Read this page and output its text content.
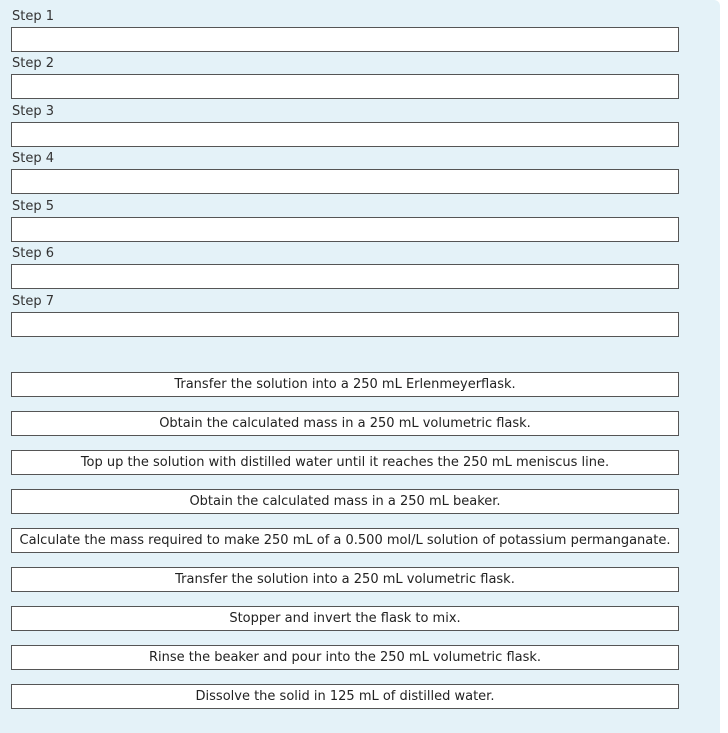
Step 1
Step 2
Step 3
Step 4
Step 5
Step 6
Step 7
Transfer the solution into a 250 mL Erlenmeyerflask.
Obtain the calculated mass in a 250 mL volumetric flask.
Top up the solution with distilled water until it reaches the 250 mL meniscus line.
Obtain the calculated mass in a 250 mL beaker.
Calculate the mass required to make 250 mL of a 0.500 mol/L solution of potassium permanganate.
Transfer the solution into a 250 mL volumetric flask.
Stopper and invert the flask to mix.
Rinse the beaker and pour into the 250 mL volumetric flask.
Dissolve the solid in 125 mL of distilled water.
